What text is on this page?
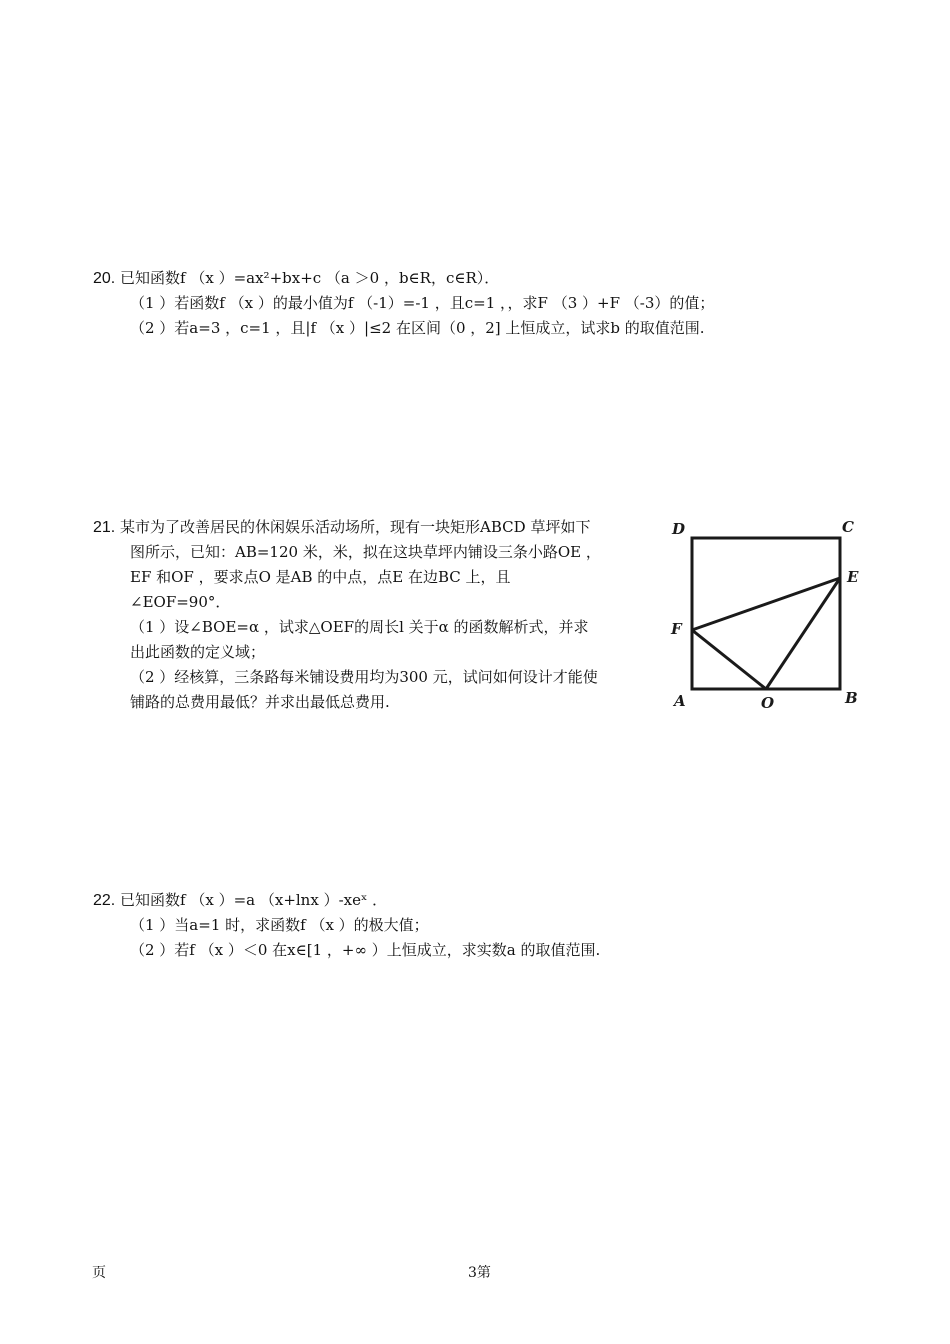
20. 已知函数f （x ）=ax²+bx+c （a ＞0 ，b∈R，c∈R）．
（1 ）若函数f （x ）的最小值为f （-1）=-1 ，且c=1 ，，求F （3 ）+F （-3）的值；
（2 ）若a=3 ，c=1 ，且|f （x ）|≤2 在区间（0 ，2] 上恒成立，试求b 的取值范围.
21. 某市为了改善居民的休闲娱乐活动场所，现有一块矩形ABCD 草坪如下
图所示，已知：AB=120 米，米，拟在这块草坪内铺设三条小路OE ，
EF 和OF ，要求点O 是AB 的中点，点E 在边BC 上，且
∠EOF=90°．
（1 ）设∠BOE=α ，试求△OEF的周长l 关于α 的函数解析式，并求
出此函数的定义域；
（2 ）经核算，三条路每米铺设费用均为300 元，试问如何设计才能使
铺路的总费用最低？并求出最低总费用.
D	C
E
F
A	O	B
22. 已知函数f （x ）=a （x+lnx ）-xeˣ ．
（1 ）当a=1 时，求函数f （x ）的极大值；
（2 ）若f （x ）＜0 在x∈[1 ，+∞ ）上恒成立，求实数a 的取值范围.
页	3第
